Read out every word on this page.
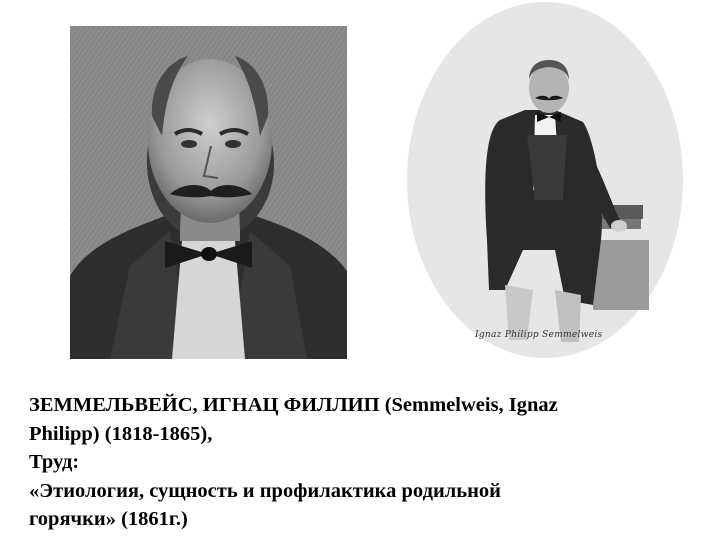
Ignaz Philipp Semmelweis
ЗЕММЕЛЬВЕЙС, ИГНАЦ ФИЛЛИП (Semmelweis, Ignaz
Philipp) (1818-1865),
Труд:
«Этиология, сущность и профилактика родильной
горячки» (1861г.)
